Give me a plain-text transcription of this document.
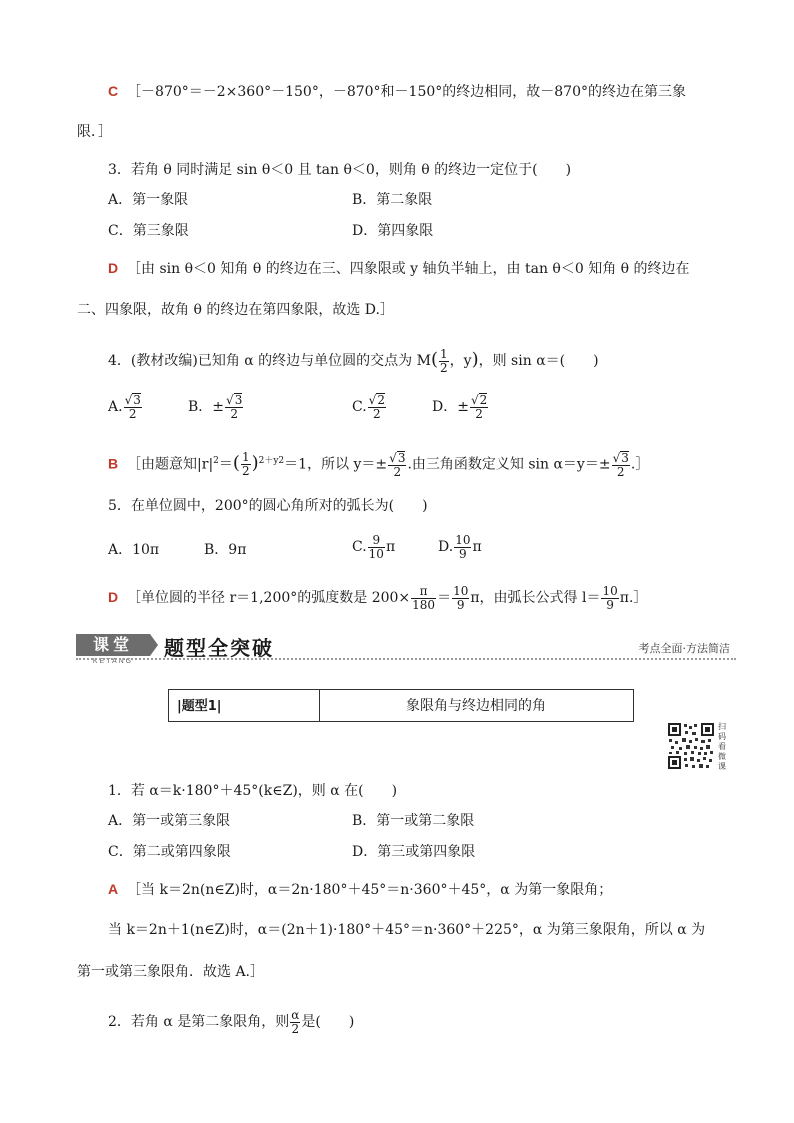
C ［－870°＝－2×360°－150°，－870°和－150°的终边相同，故－870°的终边在第三象
限．］
3．若角 θ 同时满足 sin θ＜0 且 tan θ＜0，则角 θ 的终边一定位于(　　)
A．第一象限	B．第二象限
C．第三象限	D．第四象限
D ［由 sin θ＜0 知角 θ 的终边在三、四象限或 y 轴负半轴上，由 tan θ＜0 知角 θ 的终边在
二、四象限，故角 θ 的终边在第四象限，故选 D.］
4．(教材改编)已知角 α 的终边与单位圆的交点为 $M( \frac{1}{2}$ ，y)，则 sin α＝(　　)
A. $\frac{√3}{2}$	B．± $\frac{√3}{2}$	C. $\frac{√2}{2}$	D．± $\frac{√2}{2}$
B ［由题意知$|r|^2=( \frac{1}{2} )^{2+y2}=1$，所以 $y=\pm \frac{√3}{2}$ .由三角函数定义知 $\sin \alpha=y=\pm \frac{√3}{2}$ .］
5．在单位圆中，200°的圆心角所对的弧长为(　　)
A．10π	B．9π	C. $\frac{9}{10}$ π	D. $\frac{10}{9}$ π
D ［单位圆的半径 r＝1,200°的弧度数是 $200\times \frac{\pi}{180} = \frac{10}{9}$ π，由弧长公式得 $l= \frac{10}{9}$ π.］
课堂
KETANG
题型全突破	考点全面·方法简洁
|题型1|	象限角与终边相同的角
扫码看微课
1．若 α＝k·180°＋45°(k∈Z)，则 α 在(　　)
A．第一或第三象限	B．第一或第二象限
C．第二或第四象限	D．第三或第四象限
A ［当 k＝2n(n∈Z)时，α＝2n·180°＋45°＝n·360°＋45°，α 为第一象限角；
当 k＝2n＋1(n∈Z)时，α＝(2n＋1)·180°＋45°＝n·360°＋225°，α 为第三象限角，所以 α 为
第一或第三象限角．故选 A.］
2．若角 α 是第二象限角，则 $\frac{\alpha}{2}$ 是(　　)
